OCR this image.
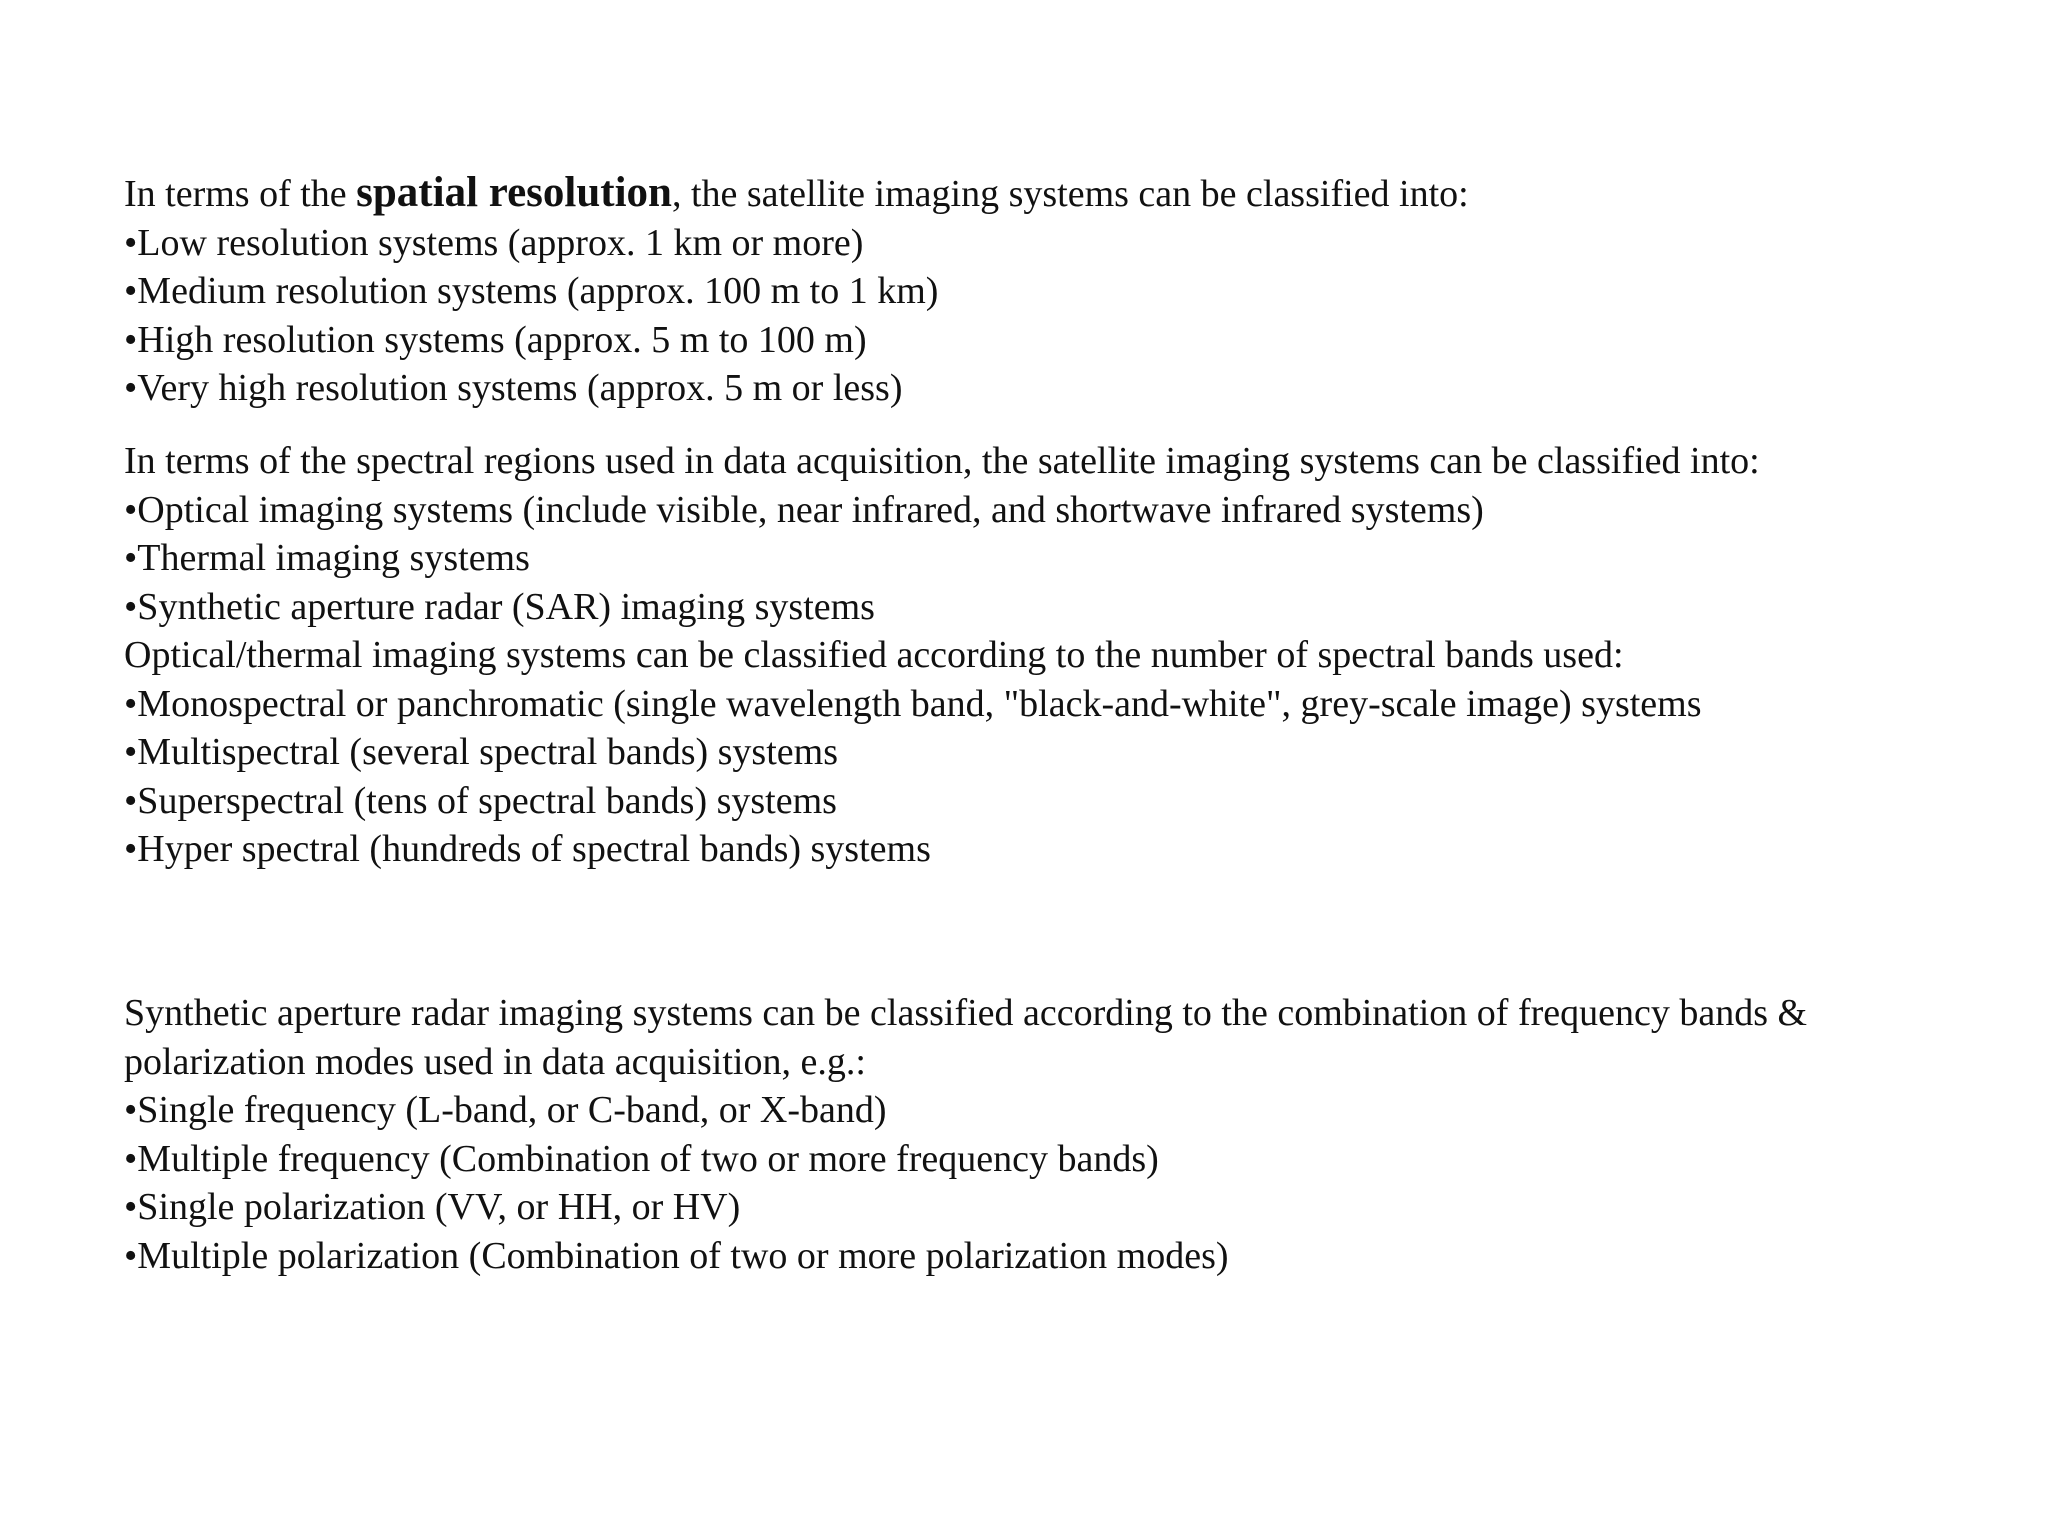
In terms of the spatial resolution, the satellite imaging systems can be classified into:
•Low resolution systems (approx. 1 km or more)
•Medium resolution systems (approx. 100 m to 1 km)
•High resolution systems (approx. 5 m to 100 m)
•Very high resolution systems (approx. 5 m or less)
In terms of the spectral regions used in data acquisition, the satellite imaging systems can be classified into:
•Optical imaging systems (include visible, near infrared, and shortwave infrared systems)
•Thermal imaging systems
•Synthetic aperture radar (SAR) imaging systems
Optical/thermal imaging systems can be classified according to the number of spectral bands used:
•Monospectral or panchromatic (single wavelength band, "black-and-white", grey-scale image) systems
•Multispectral (several spectral bands) systems
•Superspectral (tens of spectral bands) systems
•Hyper spectral (hundreds of spectral bands) systems
Synthetic aperture radar imaging systems can be classified according to the combination of frequency bands &
polarization modes used in data acquisition, e.g.:
•Single frequency (L-band, or C-band, or X-band)
•Multiple frequency (Combination of two or more frequency bands)
•Single polarization (VV, or HH, or HV)
•Multiple polarization (Combination of two or more polarization modes)
